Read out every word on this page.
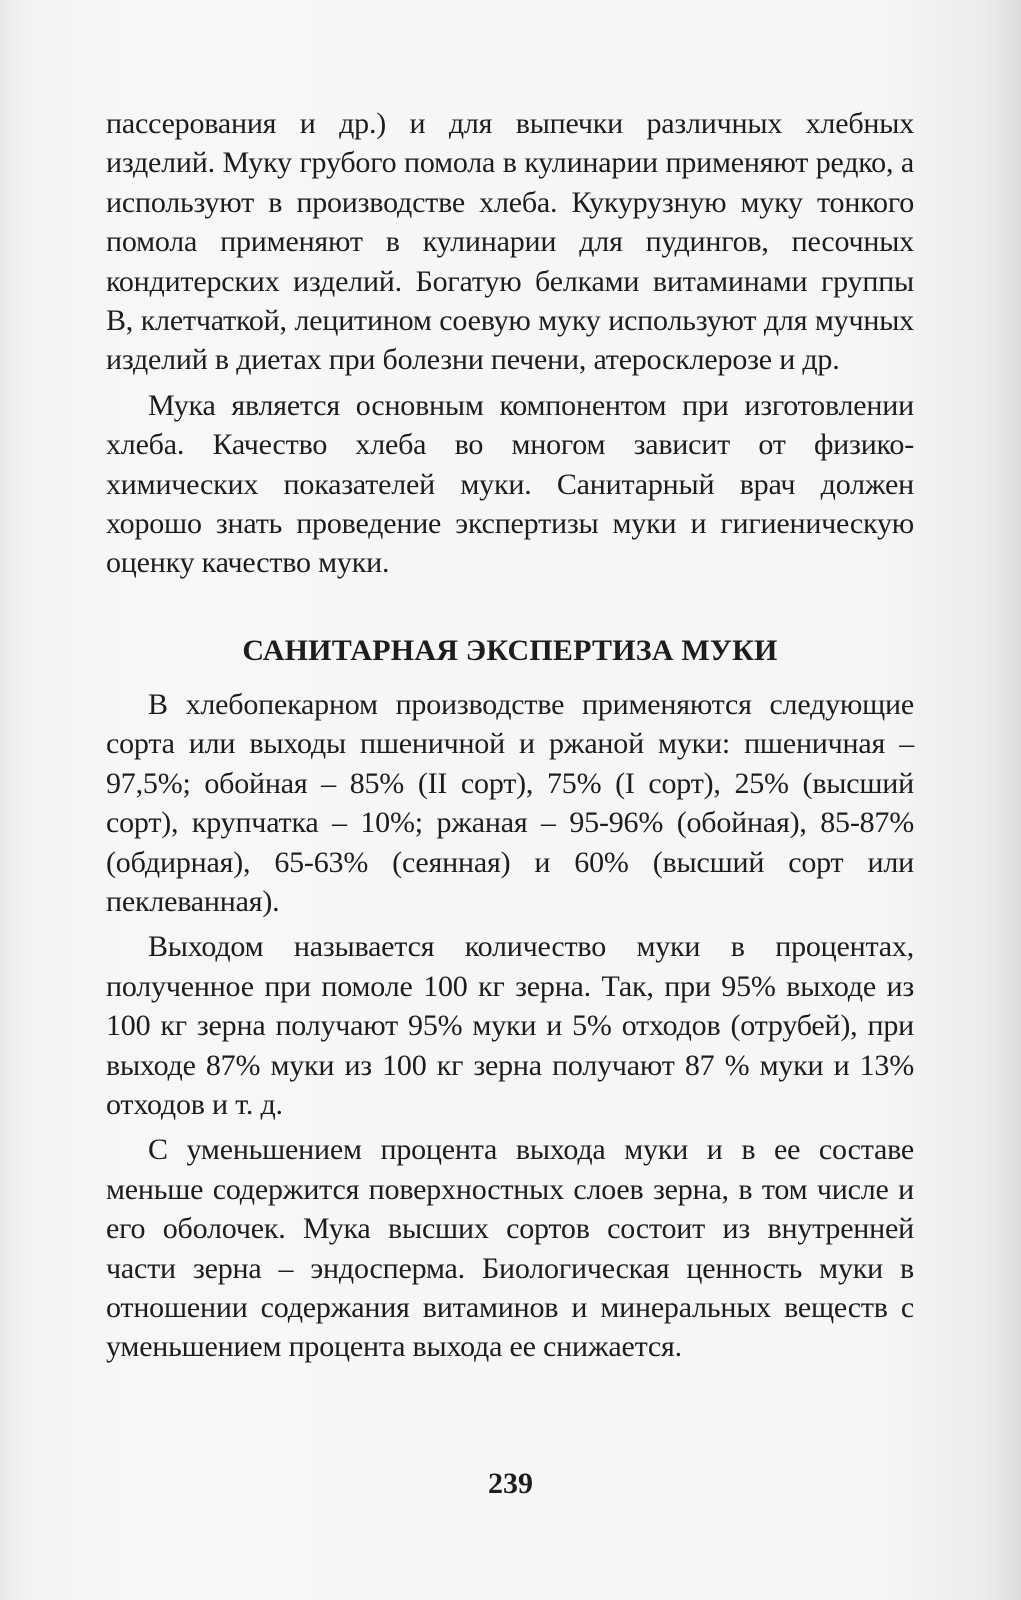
пассерования и др.) и для выпечки различных хлебных изделий. Муку грубого помола в кулинарии применяют редко, а используют в производстве хлеба. Кукурузную муку тонкого помола применяют в кулинарии для пудингов, песочных кондитерских изделий. Богатую белками витаминами группы В, клетчаткой, лецитином соевую муку используют для мучных изделий в диетах при болезни печени, атеросклерозе и др.

Мука является основным компонентом при изготовлении хлеба. Качество хлеба во многом зависит от физико-химических показателей муки. Санитарный врач должен хорошо знать проведение экспертизы муки и гигиеническую оценку качество муки.

САНИТАРНАЯ ЭКСПЕРТИЗА МУКИ

В хлебопекарном производстве применяются следующие сорта или выходы пшеничной и ржаной муки: пшеничная – 97,5%; обойная – 85% (II сорт), 75% (I сорт), 25% (высший сорт), крупчатка – 10%; ржаная – 95-96% (обойная), 85-87% (обдирная), 65-63% (сеянная) и 60% (высший сорт или пеклеванная).

Выходом называется количество муки в процентах, полученное при помоле 100 кг зерна. Так, при 95% выходе из 100 кг зерна получают 95% муки и 5% отходов (отрубей), при выходе 87% муки из 100 кг зерна получают 87 % муки и 13% отходов и т. д.

С уменьшением процента выхода муки и в ее составе меньше содержится поверхностных слоев зерна, в том числе и его оболочек. Мука высших сортов состоит из внутренней части зерна – эндосперма. Биологическая ценность муки в отношении содержания витаминов и минеральных веществ с уменьшением процента выхода ее снижается.

239
